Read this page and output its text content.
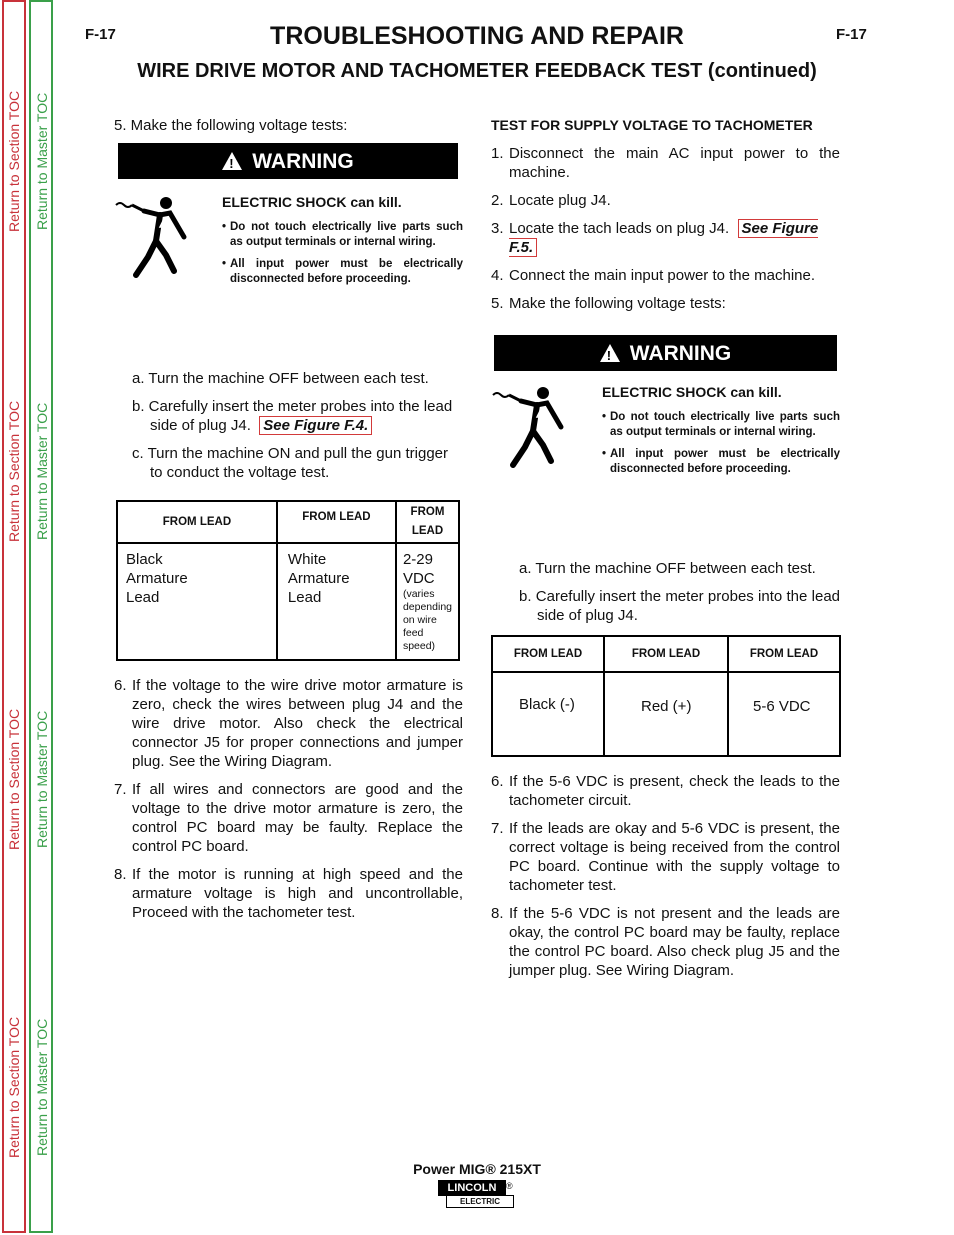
Return to Section TOC
Return to Section TOC
Return to Section TOC
Return to Section TOC
Return to Master TOC
Return to Master TOC
Return to Master TOC
Return to Master TOC
F-17	F-17
TROUBLESHOOTING AND REPAIR
WIRE DRIVE MOTOR AND TACHOMETER FEEDBACK TEST (continued)

5. Make the following voltage tests:

!
WARNING
ELECTRIC SHOCK can kill.
• Do not touch electrically live parts such as output terminals or internal wiring.
• All input power must be electrically disconnected before proceeding.

a. Turn the machine OFF between each test.

b. Carefully insert the meter probes into the lead side of plug J4. See Figure F.4.

c. Turn the machine ON and pull the gun trigger to conduct the voltage test.

FROM LEAD	FROM LEAD	FROM LEAD

Black Armature Lead	White Armature Lead	2-29 VDC
(varies depending on wire feed speed)
6. If the voltage to the wire drive motor armature is zero, check the wires between plug J4 and the wire drive motor. Also check the electrical connector J5 for proper connections and jumper plug. See the Wiring Diagram.
7. If all wires and connectors are good and the voltage to the drive motor armature is zero, the control PC board may be faulty. Replace the control PC board.
8. If the motor is running at high speed and the armature voltage is high and uncontrollable, Proceed with the tachometer test.

TEST FOR SUPPLY VOLTAGE TO TACHOMETER

1. Disconnect the main AC input power to the machine.
2. Locate plug J4.
3. Locate the tach leads on plug J4. See Figure F.5.
4. Connect the main input power to the machine.
5. Make the following voltage tests:
!
WARNING
ELECTRIC SHOCK can kill.
• Do not touch electrically live parts such as output terminals or internal wiring.
• All input power must be electrically disconnected before proceeding.

a. Turn the machine OFF between each test.

b. Carefully insert the meter probes into the lead side of plug J4.

FROM LEAD	FROM LEAD	FROM LEAD
Black (-)	Red (+)	5-6 VDC
6. If the 5-6 VDC is present, check the leads to the tachometer circuit.
7. If the leads are okay and 5-6 VDC is present, the correct voltage is being received from the control PC board. Continue with the supply voltage to tachometer test.
8. If the 5-6 VDC is not present and the leads are okay, the control PC board may be faulty, replace the control PC board. Also check plug J5 and the jumper plug. See Wiring Diagram.
Power MIG® 215XT
LINCOLN	®
ELECTRIC
